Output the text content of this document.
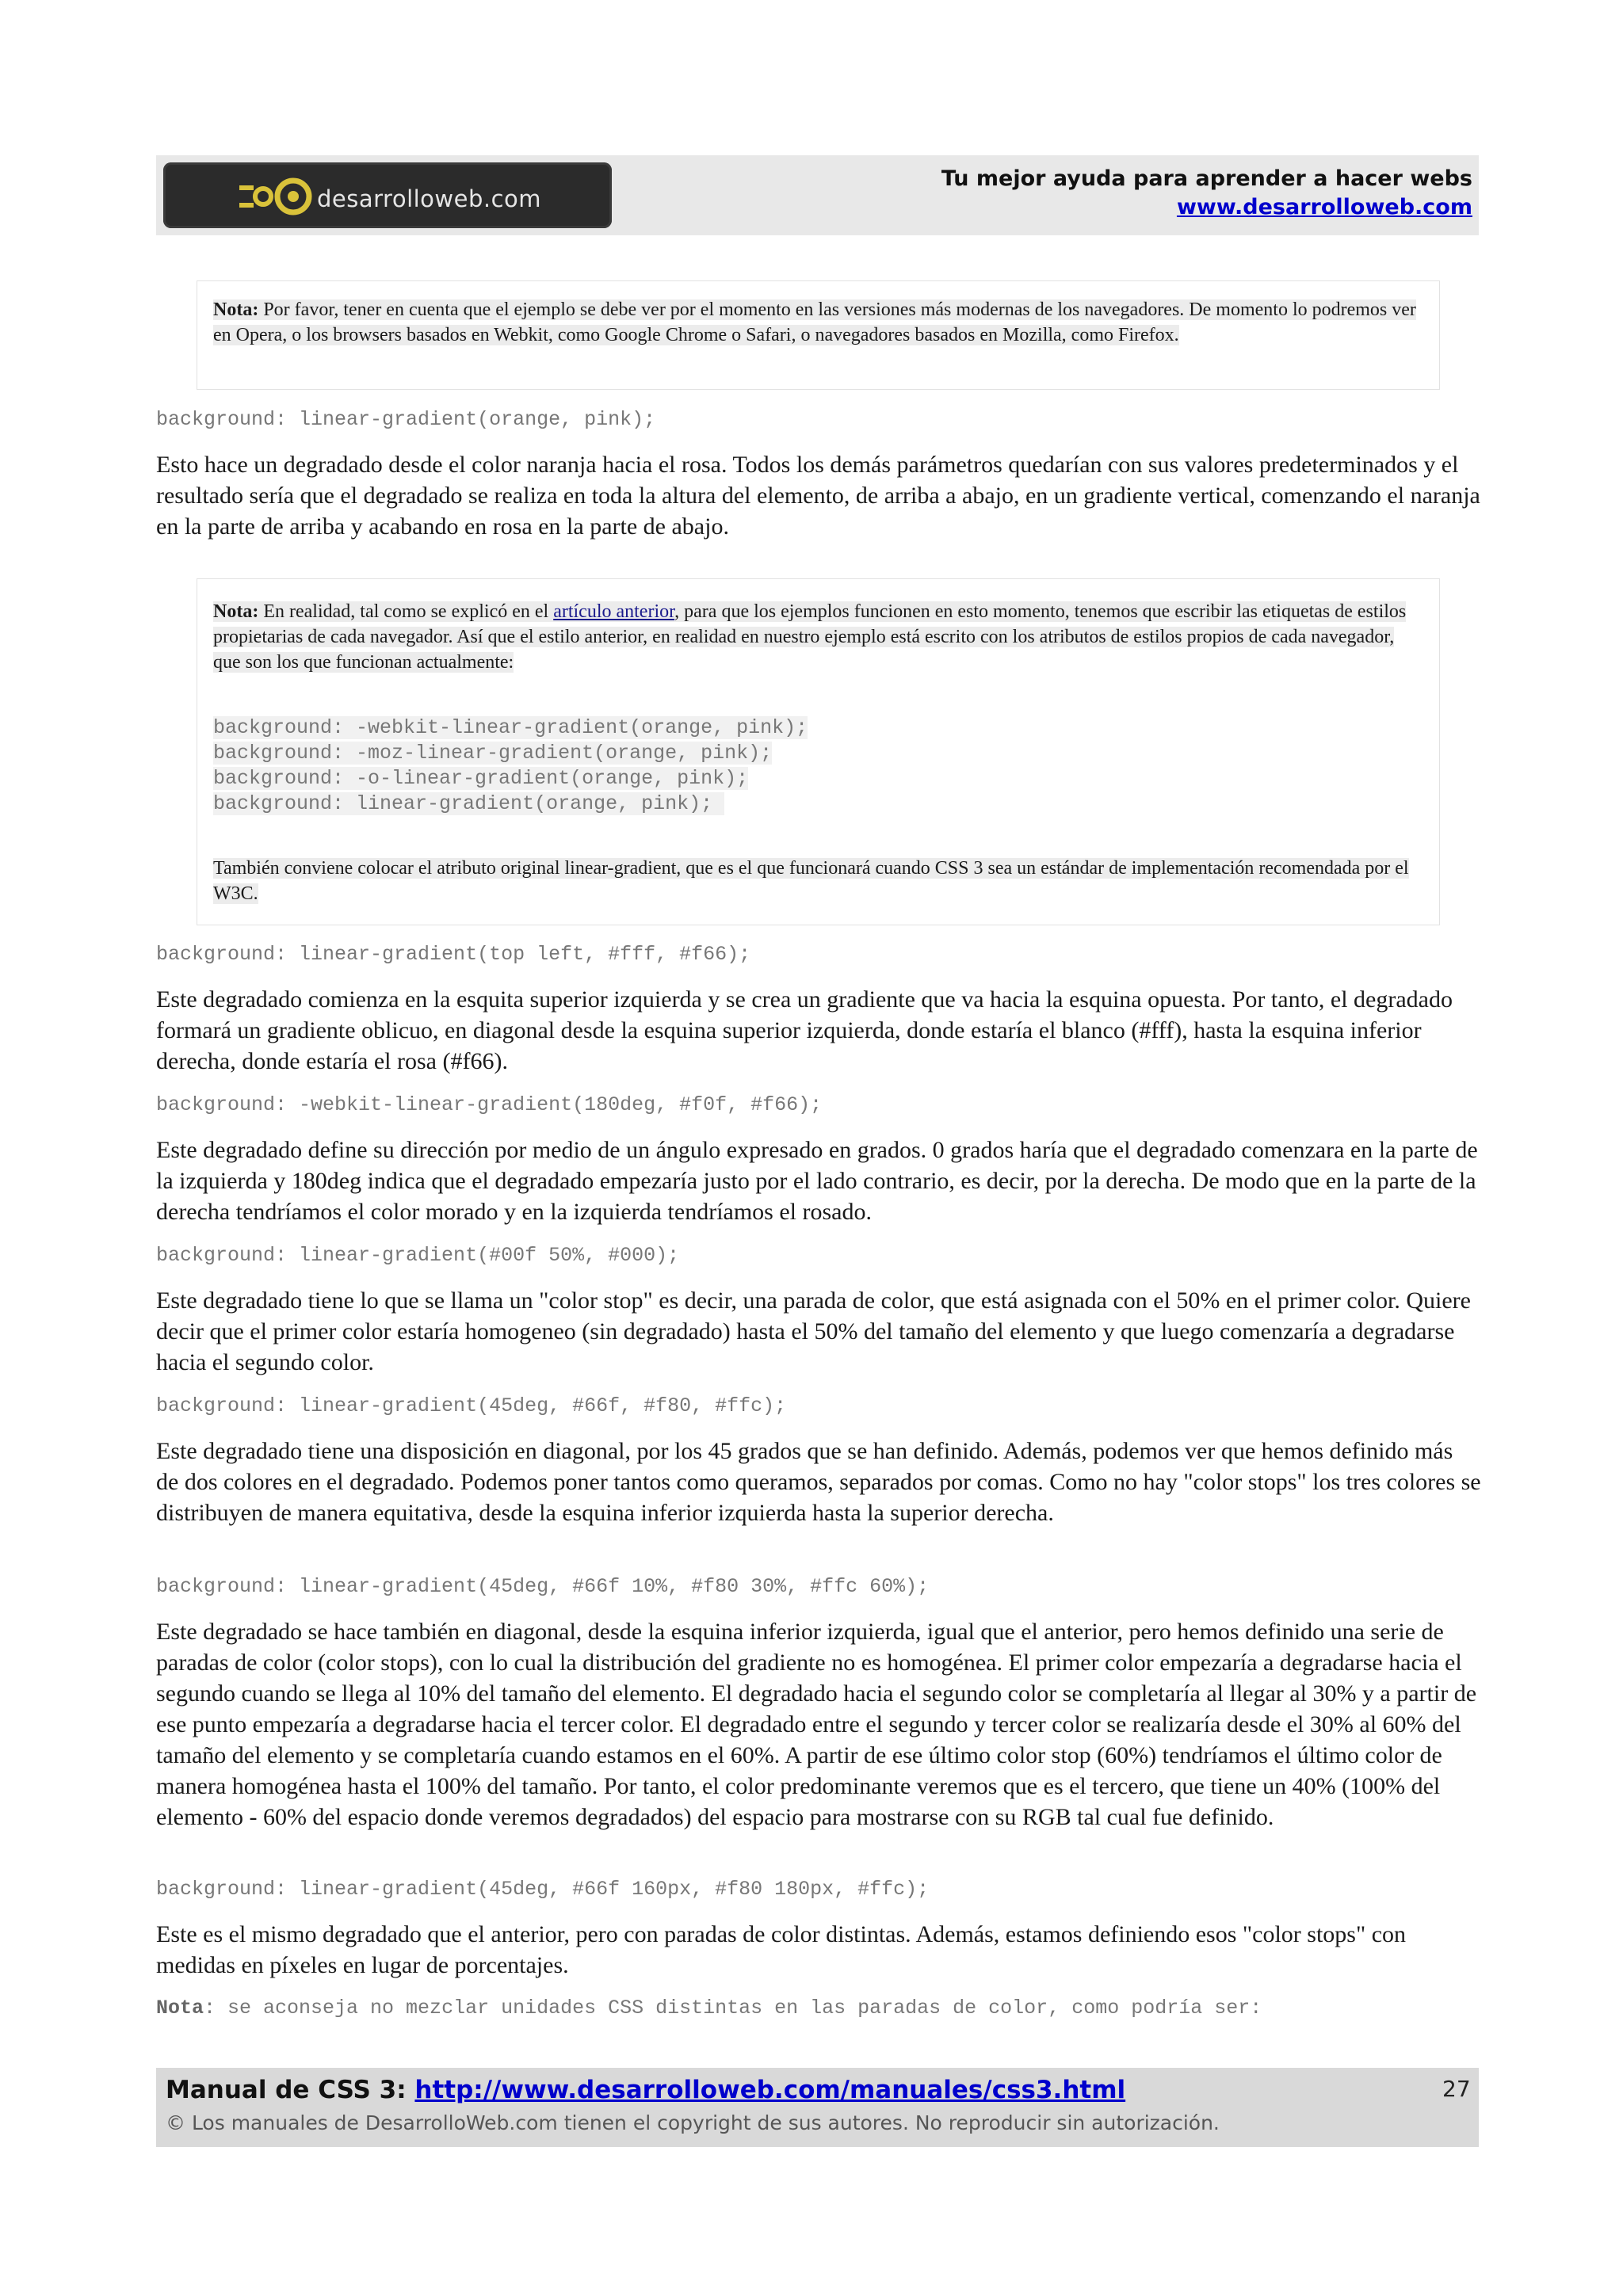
desarrolloweb.com
Tu mejor ayuda para aprender a hacer webs
www.desarrolloweb.com
Nota: Por favor, tener en cuenta que el ejemplo se debe ver por el momento en las versiones más modernas de los navegadores. De momento lo podremos ver en Opera, o los browsers basados en Webkit, como Google Chrome o Safari, o navegadores basados en Mozilla, como Firefox.
background: linear-gradient(orange, pink);
Esto hace un degradado desde el color naranja hacia el rosa. Todos los demás parámetros quedarían con sus valores predeterminados y el resultado sería que el degradado se realiza en toda la altura del elemento, de arriba a abajo, en un gradiente vertical, comenzando el naranja en la parte de arriba y acabando en rosa en la parte de abajo.
Nota: En realidad, tal como se explicó en el artículo anterior, para que los ejemplos funcionen en esto momento, tenemos que escribir las etiquetas de estilos propietarias de cada navegador. Así que el estilo anterior, en realidad en nuestro ejemplo está escrito con los atributos de estilos propios de cada navegador, que son los que funcionan actualmente:
background: -webkit-linear-gradient(orange, pink);
background: -moz-linear-gradient(orange, pink);
background: -o-linear-gradient(orange, pink);
background: linear-gradient(orange, pink);
También conviene colocar el atributo original linear-gradient, que es el que funcionará cuando CSS 3 sea un estándar de implementación recomendada por el W3C.
background: linear-gradient(top left, #fff, #f66);
Este degradado comienza en la esquita superior izquierda y se crea un gradiente que va hacia la esquina opuesta. Por tanto, el degradado formará un gradiente oblicuo, en diagonal desde la esquina superior izquierda, donde estaría el blanco (#fff), hasta la esquina inferior derecha, donde estaría el rosa (#f66).
background: -webkit-linear-gradient(180deg, #f0f, #f66);
Este degradado define su dirección por medio de un ángulo expresado en grados. 0 grados haría que el degradado comenzara en la parte de la izquierda y 180deg indica que el degradado empezaría justo por el lado contrario, es decir, por la derecha. De modo que en la parte de la derecha tendríamos el color morado y en la izquierda tendríamos el rosado.
background: linear-gradient(#00f 50%, #000);
Este degradado tiene lo que se llama un "color stop" es decir, una parada de color, que está asignada con el 50% en el primer color. Quiere decir que el primer color estaría homogeneo (sin degradado) hasta el 50% del tamaño del elemento y que luego comenzaría a degradarse hacia el segundo color.
background: linear-gradient(45deg, #66f, #f80, #ffc);
Este degradado tiene una disposición en diagonal, por los 45 grados que se han definido. Además, podemos ver que hemos definido más de dos colores en el degradado. Podemos poner tantos como queramos, separados por comas. Como no hay "color stops" los tres colores se distribuyen de manera equitativa, desde la esquina inferior izquierda hasta la superior derecha.
background: linear-gradient(45deg, #66f 10%, #f80 30%, #ffc 60%);
Este degradado se hace también en diagonal, desde la esquina inferior izquierda, igual que el anterior, pero hemos definido una serie de paradas de color (color stops), con lo cual la distribución del gradiente no es homogénea. El primer color empezaría a degradarse hacia el segundo cuando se llega al 10% del tamaño del elemento. El degradado hacia el segundo color se completaría al llegar al 30% y a partir de ese punto empezaría a degradarse hacia el tercer color. El degradado entre el segundo y tercer color se realizaría desde el 30% al 60% del tamaño del elemento y se completaría cuando estamos en el 60%. A partir de ese último color stop (60%) tendríamos el último color de manera homogénea hasta el 100% del tamaño. Por tanto, el color predominante veremos que es el tercero, que tiene un 40% (100% del elemento - 60% del espacio donde veremos degradados) del espacio para mostrarse con su RGB tal cual fue definido.
background: linear-gradient(45deg, #66f 160px, #f80 180px, #ffc);
Este es el mismo degradado que el anterior, pero con paradas de color distintas. Además, estamos definiendo esos "color stops" con medidas en píxeles en lugar de porcentajes.
Nota: se aconseja no mezclar unidades CSS distintas en las paradas de color, como podría ser:
Manual de CSS 3: http://www.desarrolloweb.com/manuales/css3.html
© Los manuales de DesarrolloWeb.com tienen el copyright de sus autores. No reproducir sin autorización.
27
